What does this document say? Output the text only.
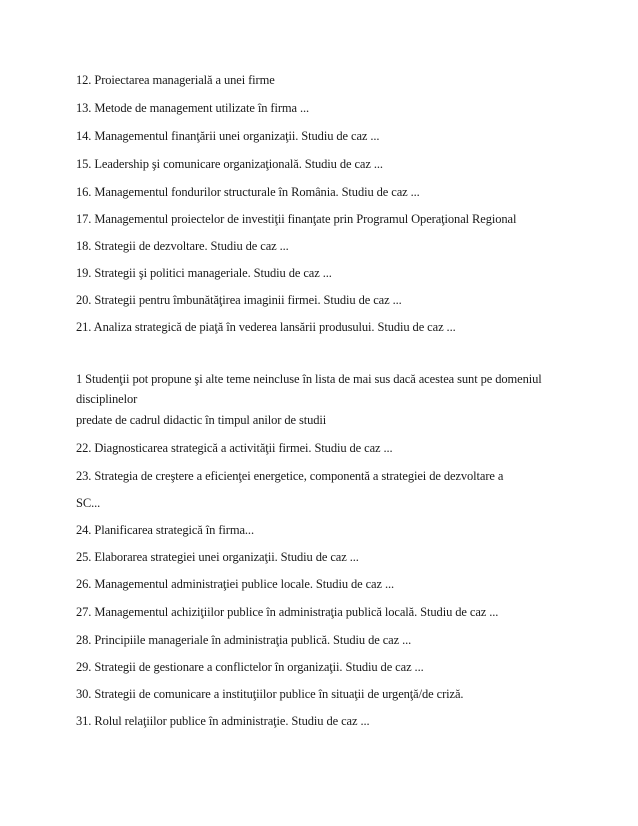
12. Proiectarea managerială a unei firme
13. Metode de management utilizate în firma ...
14. Managementul finanţării unei organizaţii. Studiu de caz ...
15. Leadership şi comunicare organizaţională. Studiu de caz ...
16. Managementul fondurilor structurale în România. Studiu de caz ...
17. Managementul proiectelor de investiţii finanţate prin Programul Operaţional Regional
18. Strategii de dezvoltare. Studiu de caz ...
19. Strategii şi politici manageriale. Studiu de caz ...
20. Strategii pentru îmbunătăţirea imaginii firmei. Studiu de caz ...
21. Analiza strategică de piaţă în vederea lansării produsului. Studiu de caz ...
1 Studenţii pot propune şi alte teme neincluse în lista de mai sus dacă acestea sunt pe domeniul disciplinelor
predate de cadrul didactic în timpul anilor de studii
22. Diagnosticarea strategică a activităţii firmei. Studiu de caz ...
23. Strategia de creştere a eficienţei energetice, componentă a strategiei de dezvoltare a
SC...
24. Planificarea strategică în firma...
25. Elaborarea strategiei unei organizaţii. Studiu de caz ...
26. Managementul administraţiei publice locale. Studiu de caz ...
27. Managementul achiziţiilor publice în administraţia publică locală. Studiu de caz ...
28. Principiile manageriale în administraţia publică. Studiu de caz ...
29. Strategii de gestionare a conflictelor în organizaţii. Studiu de caz ...
30. Strategii de comunicare a instituţiilor publice în situaţii de urgenţă/de criză.
31. Rolul relaţiilor publice în administraţie. Studiu de caz ...
